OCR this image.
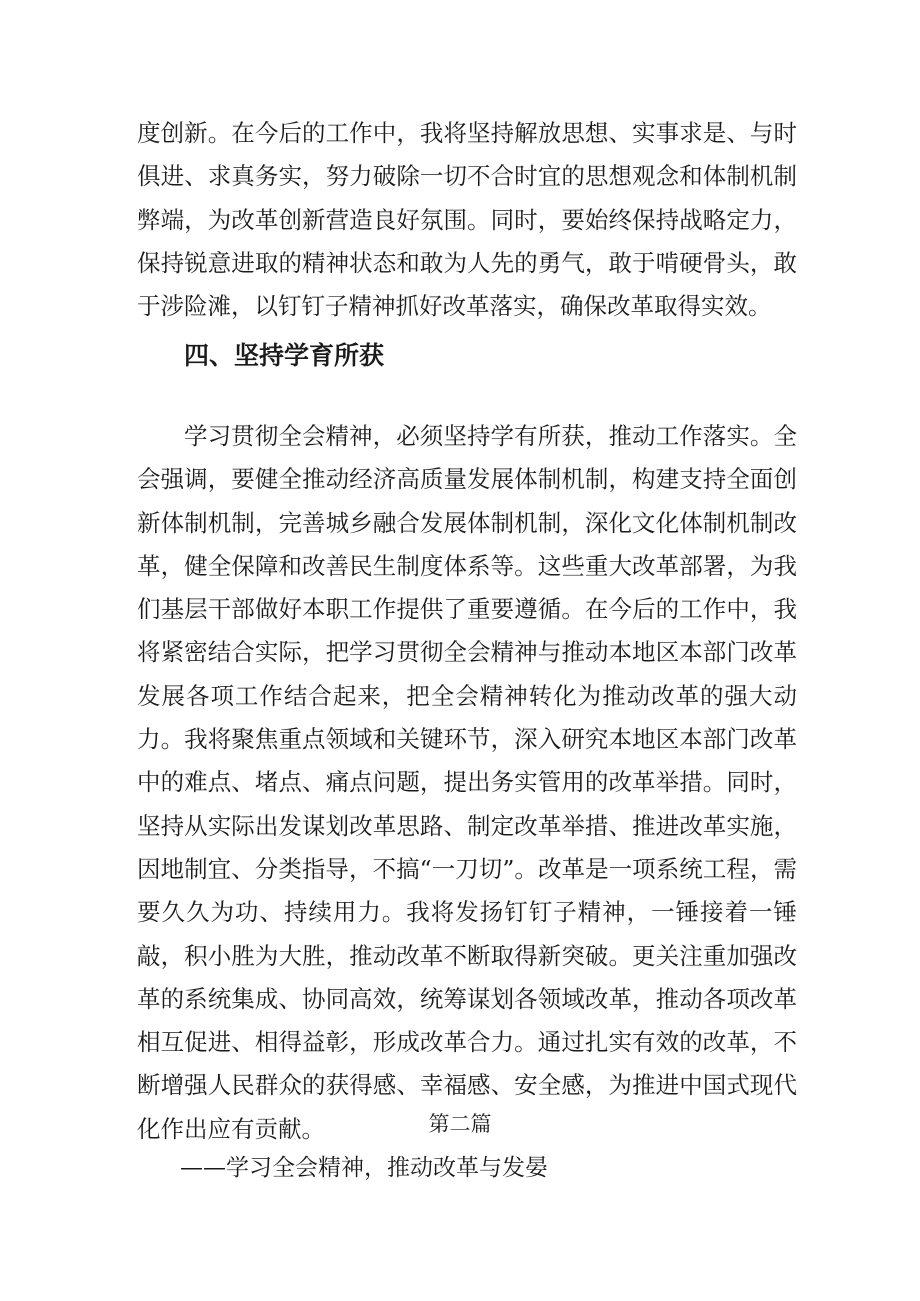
度创新。在今后的工作中，我将坚持解放思想、实事求是、与时俱进、求真务实，努力破除一切不合时宜的思想观念和体制机制弊端，为改革创新营造良好氛围。同时，要始终保持战略定力，保持锐意进取的精神状态和敢为人先的勇气，敢于啃硬骨头，敢于涉险滩，以钉钉子精神抓好改革落实，确保改革取得实效。
四、坚持学育所获
学习贯彻全会精神，必须坚持学有所获，推动工作落实。全会强调，要健全推动经济高质量发展体制机制，构建支持全面创新体制机制，完善城乡融合发展体制机制，深化文化体制机制改革，健全保障和改善民生制度体系等。这些重大改革部署，为我们基层干部做好本职工作提供了重要遵循。在今后的工作中，我将紧密结合实际，把学习贯彻全会精神与推动本地区本部门改革发展各项工作结合起来，把全会精神转化为推动改革的强大动力。我将聚焦重点领域和关键环节，深入研究本地区本部门改革中的难点、堵点、痛点问题，提出务实管用的改革举措。同时，坚持从实际出发谋划改革思路、制定改革举措、推进改革实施，因地制宜、分类指导，不搞“一刀切”。改革是一项系统工程，需要久久为功、持续用力。我将发扬钉钉子精神，一锤接着一锤敲，积小胜为大胜，推动改革不断取得新突破。更关注重加强改革的系统集成、协同高效，统筹谋划各领域改革，推动各项改革相互促进、相得益彰，形成改革合力。通过扎实有效的改革，不断增强人民群众的获得感、幸福感、安全感，为推进中国式现代化作出应有贡献。	第二篇
——学习全会精神，推动改革与发晏
